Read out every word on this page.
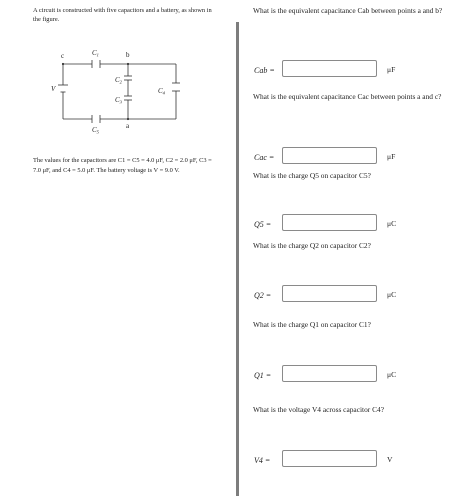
A circuit is constructed with five capacitors and a battery, as shown in the figure.
c	b
a
$C_1$
$C_2$
$C_3$
$C_4$
$C_5$
V
The values for the capacitors are C1 = C5 = 4.0 μF, C2 = 2.0 μF, C3 = 7.0 μF, and C4 = 5.0 μF. The battery voltage is V = 9.0 V.
What is the equivalent capacitance Cab between points a and b?
Cab =	μF
What is the equivalent capacitance Cac between points a and c?
Cac =	μF
What is the charge Q5 on capacitor C5?
Q5 =	μC
What is the charge Q2 on capacitor C2?
Q2 =	μC
What is the charge Q1 on capacitor C1?
Q1 =	μC
What is the voltage V4 across capacitor C4?
V4 =	V
